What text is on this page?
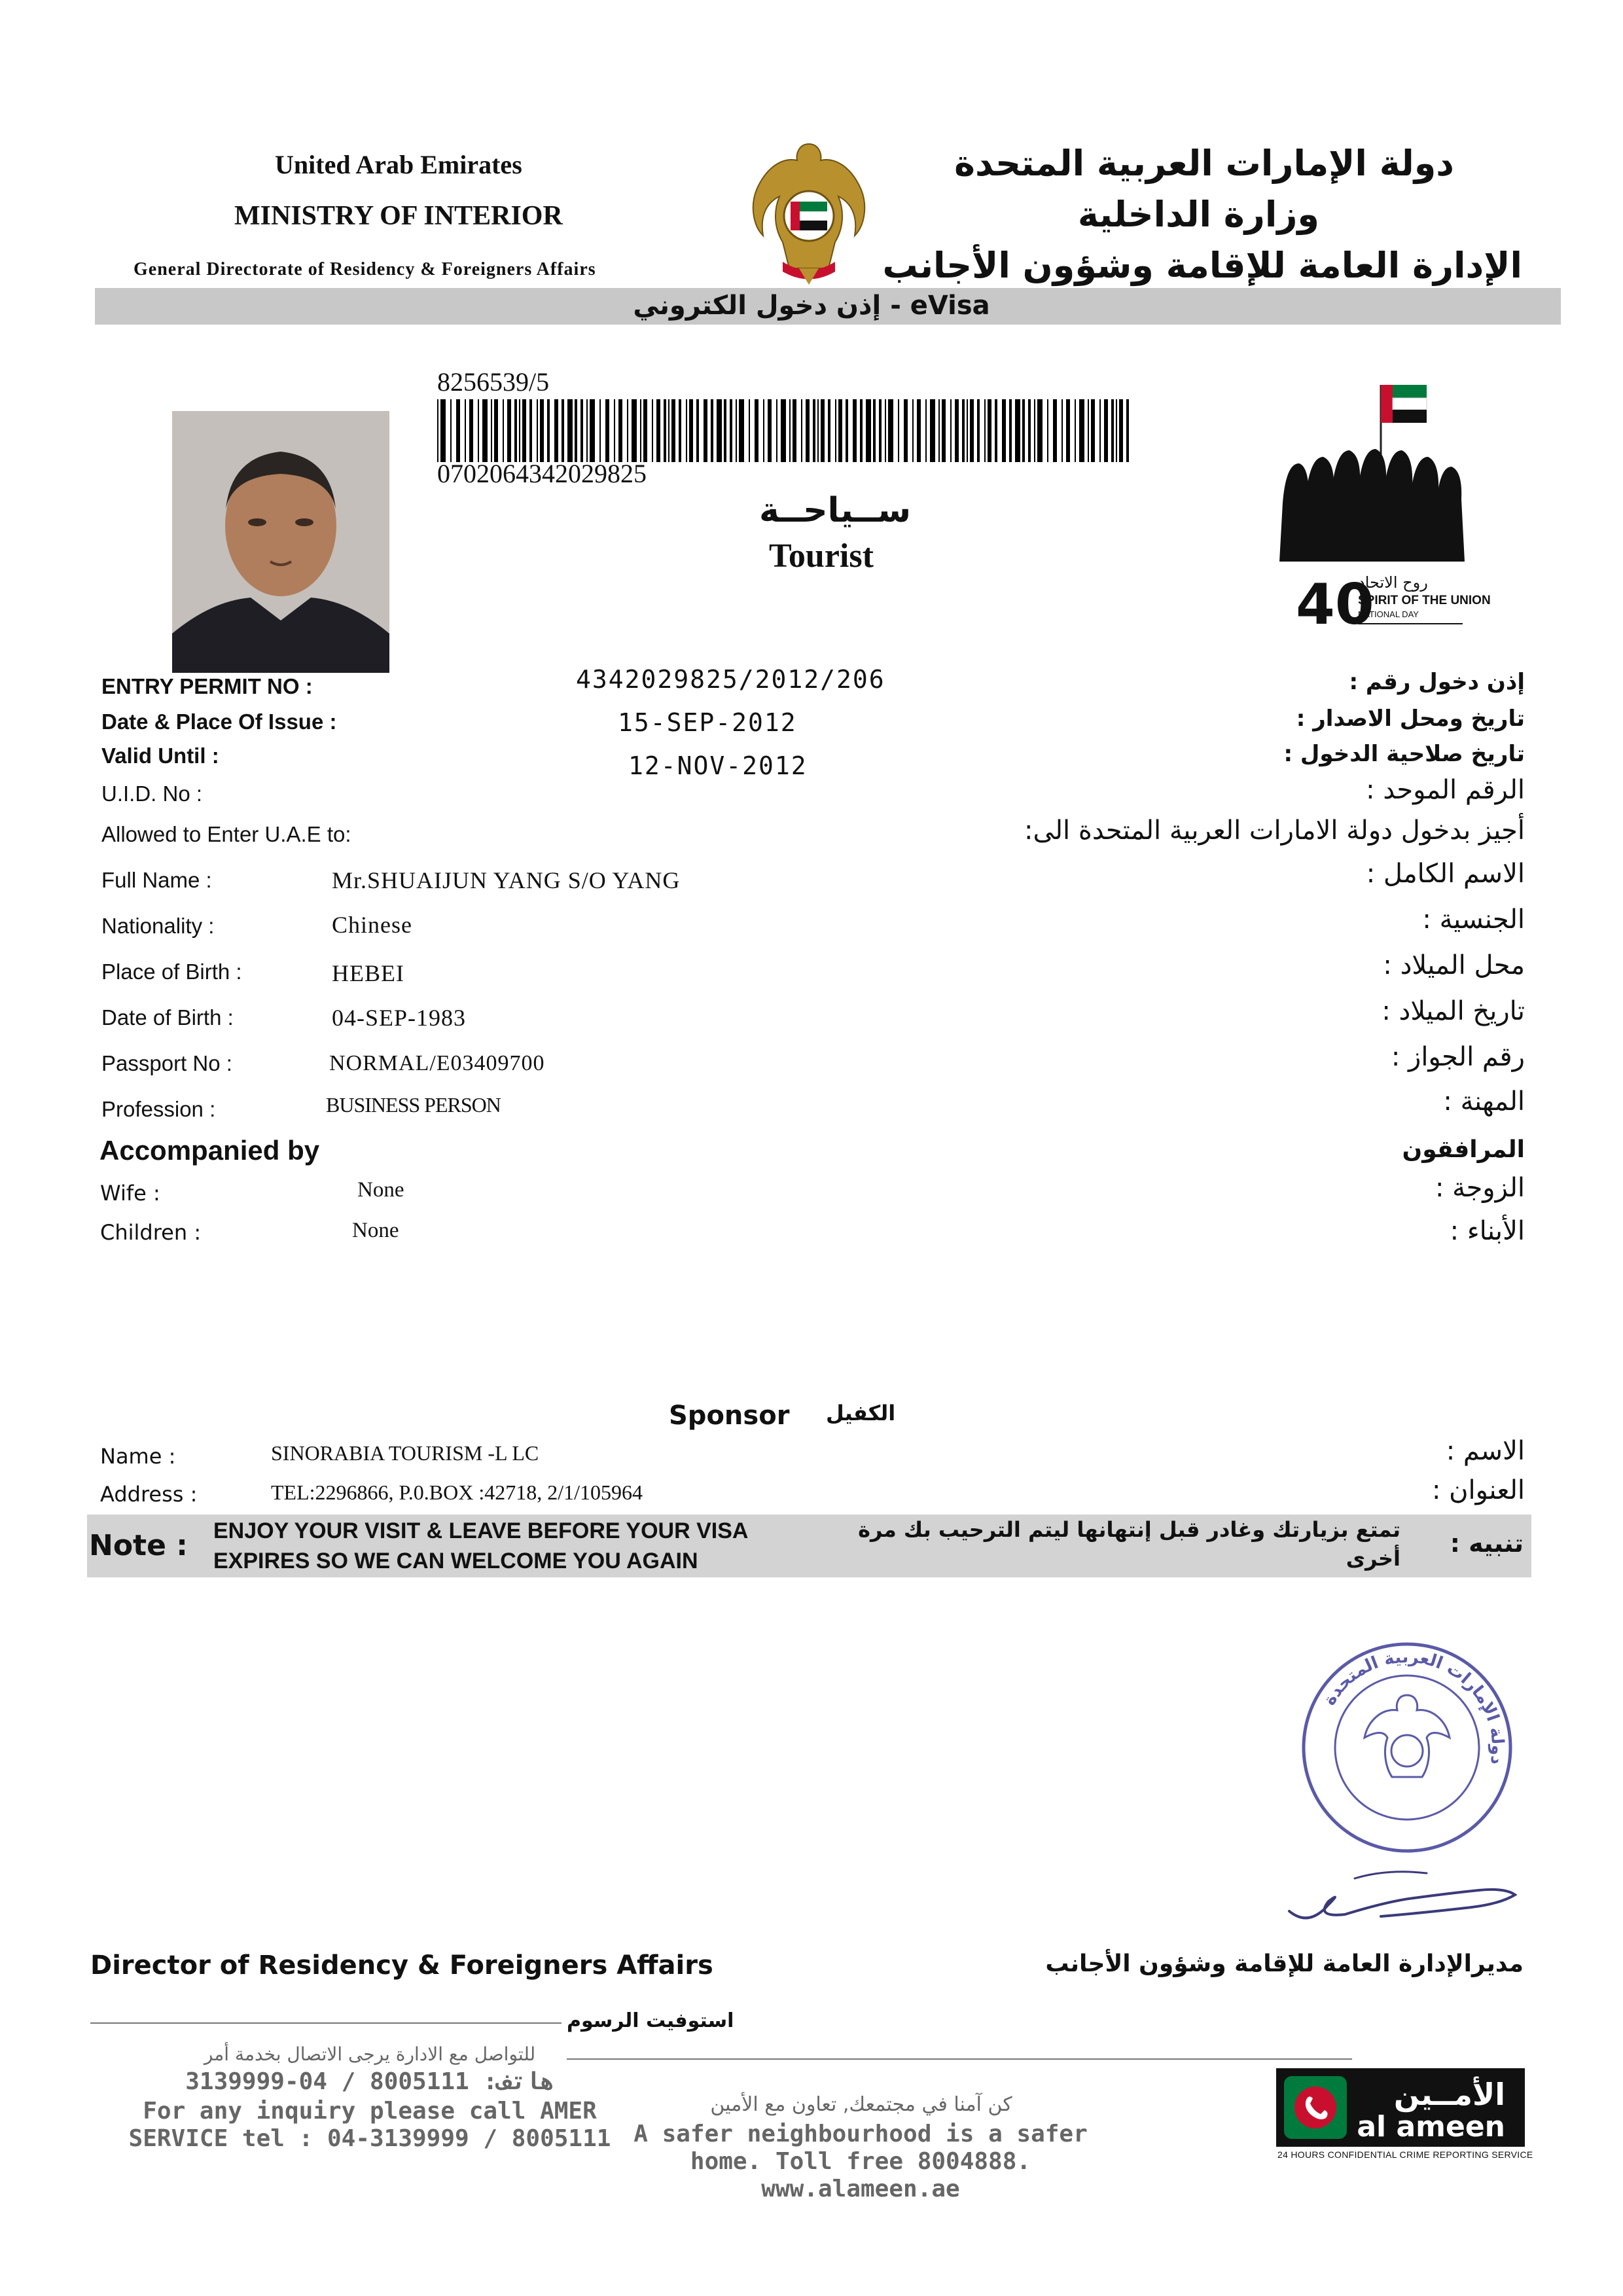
United Arab Emirates
MINISTRY OF INTERIOR
General Directorate of Residency & Foreigners Affairs
دولة الإمارات العربية المتحدة
وزارة الداخلية
الإدارة العامة للإقامة وشؤون الأجانب
إذن دخول الكتروني - eVisa
8256539/5
0702064342029825
ســياحــة
Tourist
40
روح الاتحاد
SPIRIT OF THE UNION
NATIONAL DAY
ENTRY PERMIT NO :	4342029825/2012/206	إذن دخول رقم :
Date & Place Of Issue :	15-SEP-2012	تاريخ ومحل الاصدار :
Valid Until :	12-NOV-2012	تاريخ صلاحية الدخول :
U.I.D. No :	الرقم الموحد :
Allowed to Enter U.A.E to:	أجيز بدخول دولة الامارات العربية المتحدة الى:
Full Name :	Mr.SHUAIJUN YANG S/O YANG	الاسم الكامل :
Nationality :	Chinese	الجنسية :
Place of Birth :	HEBEI	محل الميلاد :
Date of Birth :	04-SEP-1983	تاريخ الميلاد :
Passport No :	NORMAL/E03409700	رقم الجواز :
Profession :	BUSINESS PERSON	المهنة :
Accompanied by	المرافقون
Wife :	None	الزوجة :
Children :	None	الأبناء :
Sponsor الكفيل
Name :	SINORABIA TOURISM -L LC	الاسم :
Address :	TEL:2296866, P.0.BOX :42718, 2/1/105964	العنوان :
Note : ENJOY YOUR VISIT & LEAVE BEFORE YOUR VISA
EXPIRES SO WE CAN WELCOME YOU AGAIN
تمتع بزيارتك وغادر قبل إنتهانها ليتم الترحيب بك مرة
أخرى
تنبيه :
دولة الإمارات العربية المتحدة
Director of Residency & Foreigners Affairs	مديرالإدارة العامة للإقامة وشؤون الأجانب
استوفيت الرسوم
للتواصل مع الادارة يرجى الاتصال بخدمة أمر
هاتف: 8005111 / 04-3139999
For any inquiry please call AMER SERVICE tel : 04-3139999 / 8005111
كن آمنا في مجتمعك, تعاون مع الأمين
A safer neighbourhood is a safer home. Toll free 8004888. www.alameen.ae
الأمــين
al ameen
24 HOURS CONFIDENTIAL CRIME REPORTING SERVICE
